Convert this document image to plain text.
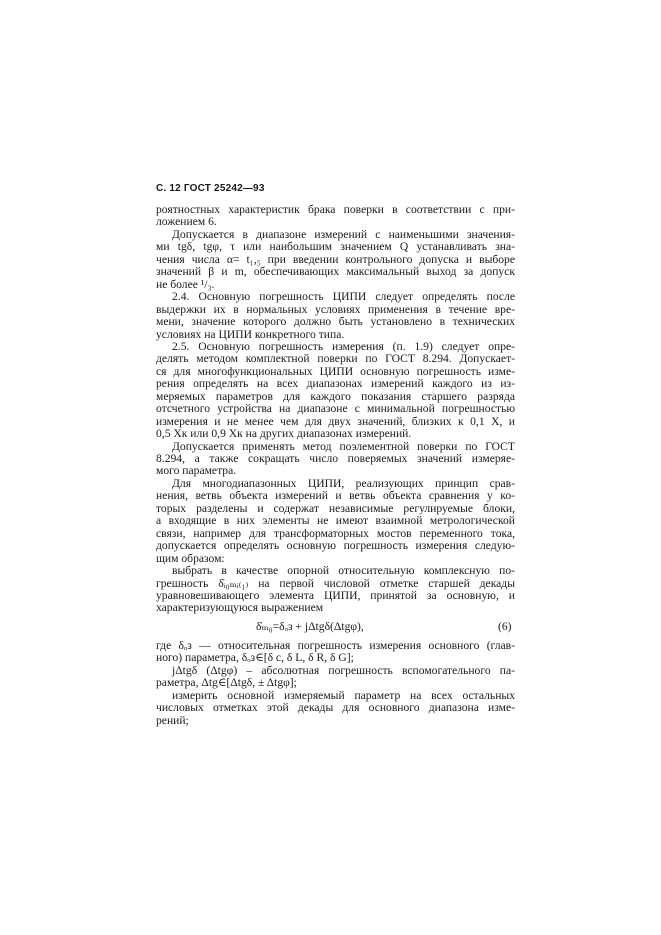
С. 12 ГОСТ 25242—93
роятностных характеристик брака поверки в соответствии с при-
ложением 6.
Допускается в диапазоне измерений с наименьшими значения-
ми tgδ, tgφ, τ или наибольшим значением Q устанавливать зна-
чения числа α= t₁,₅ при введении контрольного допуска и выборе
значений β и m, обеспечивающих максимальный выход за допуск
не более ¹/₃.
2.4. Основную погрешность ЦИПИ следует определять после
выдержки их в нормальных условиях применения в течение вре-
мени, значение которого должно быть установлено в технических
условиях на ЦИПИ конкретного типа.
2.5. Основную погрешность измерения (п. 1.9) следует опре-
делять методом комплектной поверки по ГОСТ 8.294. Допускает-
ся для многофункциональных ЦИПИ основную погрешность изме-
рения определять на всех диапазонах измерений каждого из из-
меряемых параметров для каждого показания старшего разряда
отсчетного устройства на диапазоне с минимальной погрешностью
измерения и не менее чем для двух значений, близких к 0,1 X, и
0,5 Xк или 0,9 Xк на других диапазонах измерений.
Допускается применять метод поэлементной поверки по ГОСТ
8.294, а также сокращать число поверяемых значений измеряе-
мого параметра.
Для многодиапазонных ЦИПИ, реализующих принцип срав-
нения, ветвь объекта измерений и ветвь объекта сравнения у ко-
торых разделены и содержат независимые регулируемые блоки,
а входящие в них элементы не имеют взаимной метрологической
связи, например для трансформаторных мостов переменного тока,
допускается определять основную погрешность измерения следую-
щим образом:
выбрать в качестве опорной относительную комплексную по-
грешность δ̇ᵢ₀ₘᵢ₍₁₎ на первой числовой отметке старшей декады
уравновешивающего элемента ЦИПИ, принятой за основную, и
характеризующуюся выражением
δ̇ₘ₀=δₒз + jΔtgδ(Δtgφ),	(6)
где δₒз — относительная погрешность измерения основного (глав-
ного) параметра, δₒз∈[δ c, δ L, δ R, δ G];
jΔtgδ (Δtgφ) – абсолютная погрешность вспомогательного па-
раметра, Δtg∈[Δtgδ, ± Δtgφ];
измерить основной измеряемый параметр на всех остальных
числовых отметках этой декады для основного диапазона изме-
рений;
